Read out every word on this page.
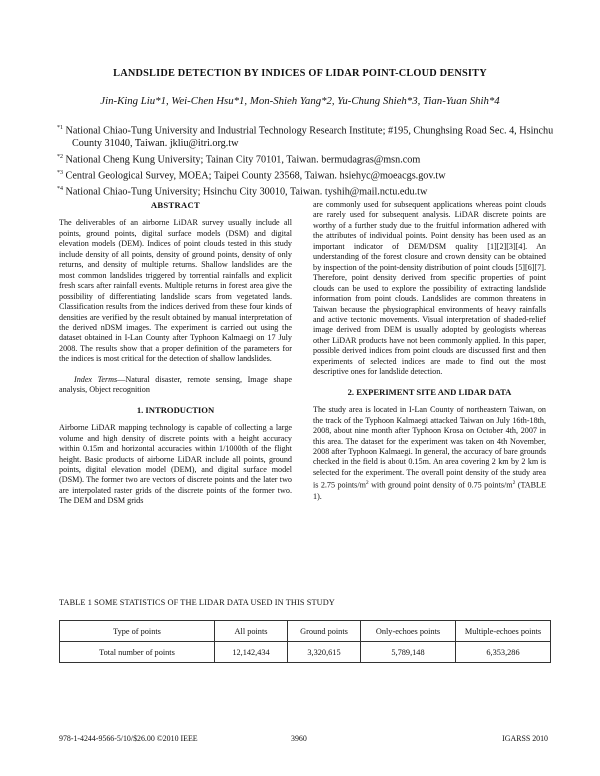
LANDSLIDE DETECTION BY INDICES OF LIDAR POINT-CLOUD DENSITY
Jin-King Liu*1, Wei-Chen Hsu*1, Mon-Shieh Yang*2, Yu-Chung Shieh*3, Tian-Yuan Shih*4
$^{*1}$ National Chiao-Tung University and Industrial Technology Research Institute; #195, Chunghsing Road Sec. 4, Hsinchu County 31040, Taiwan. jkliu@itri.org.tw
$^{*2}$ National Cheng Kung University; Tainan City 70101, Taiwan. bermudagras@msn.com
$^{*3}$ Central Geological Survey, MOEA; Taipei County 23568, Taiwan. hsiehyc@moeacgs.gov.tw
$^{*4}$ National Chiao-Tung University; Hsinchu City 30010, Taiwan. tyshih@mail.nctu.edu.tw
ABSTRACT

The deliverables of an airborne LiDAR survey usually include all points, ground points, digital surface models (DSM) and digital elevation models (DEM). Indices of point clouds tested in this study include density of all points, density of ground points, density of only returns, and density of multiple returns. Shallow landslides are the most common landslides triggered by torrential rainfalls and explicit fresh scars after rainfall events. Multiple returns in forest area give the possibility of differentiating landslide scars from vegetated lands. Classification results from the indices derived from these four kinds of densities are verified by the result obtained by manual interpretation of the derived nDSM images. The experiment is carried out using the dataset obtained in I-Lan County after Typhoon Kalmaegi on 17 July 2008. The results show that a proper definition of the parameters for the indices is most critical for the detection of shallow landslides.

Index Terms—Natural disaster, remote sensing, Image shape analysis, Object recognition

1. INTRODUCTION

Airborne LiDAR mapping technology is capable of collecting a large volume and high density of discrete points with a height accuracy within 0.15m and horizontal accuracies within 1/1000th of the flight height. Basic products of airborne LiDAR include all points, ground points, digital elevation model (DEM), and digital surface model (DSM). The former two are vectors of discrete points and the later two are interpolated raster grids of the discrete points of the former two. The DEM and DSM grids

are commonly used for subsequent applications whereas point clouds are rarely used for subsequent analysis. LiDAR discrete points are worthy of a further study due to the fruitful information adhered with the attributes of individual points. Point density has been used as an important indicator of DEM/DSM quality [1][2][3][4]. An understanding of the forest closure and crown density can be obtained by inspection of the point-density distribution of point clouds [5][6][7]. Therefore, point density derived from specific properties of point clouds can be used to explore the possibility of extracting landslide information from point clouds. Landslides are common threatens in Taiwan because the physiographical environments of heavy rainfalls and active tectonic movements. Visual interpretation of shaded-relief image derived from DEM is usually adopted by geologists whereas other LiDAR products have not been commonly applied. In this paper, possible derived indices from point clouds are discussed first and then experiments of selected indices are made to find out the most descriptive ones for landslide detection.

2. EXPERIMENT SITE AND LIDAR DATA

The study area is located in I-Lan County of northeastern Taiwan, on the track of the Typhoon Kalmaegi attacked Taiwan on July 16th-18th, 2008, about nine month after Typhoon Krosa on October 4th, 2007 in this area. The dataset for the experiment was taken on 4th November, 2008 after Typhoon Kalmaegi. In general, the accuracy of bare grounds checked in the field is about 0.15m. An area covering 2 km by 2 km is selected for the experiment. The overall point density of the study area is 2.75 points/$m^2$ with ground point density of 0.75 points/$m^2$ (TABLE 1).

TABLE 1 SOME STATISTICS OF THE LIDAR DATA USED IN THIS STUDY
Type of points	All points	Ground points	Only-echoes points	Multiple-echoes points
Total number of points	12,142,434	3,320,615	5,789,148	6,353,286
978-1-4244-9566-5/10/$26.00 ©2010 IEEE	3960	IGARSS 2010
